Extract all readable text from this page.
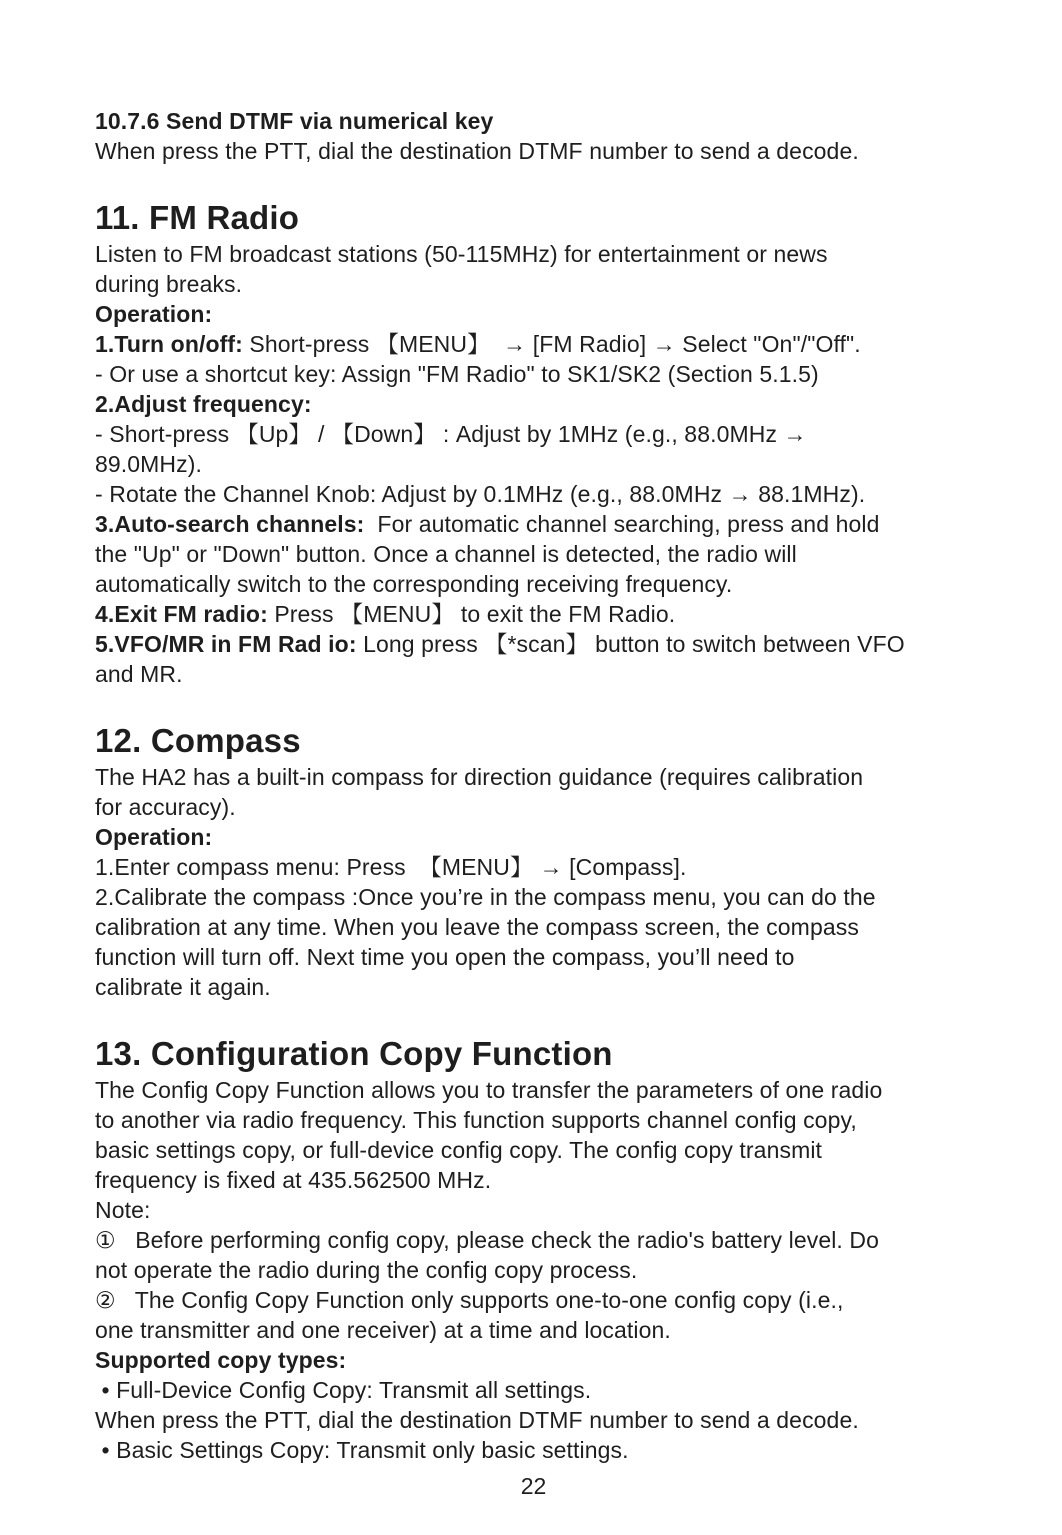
10.7.6 Send DTMF via numerical key
When press the PTT, dial the destination DTMF number to send a decode.
11. FM Radio
Listen to FM broadcast stations (50-115MHz) for entertainment or news
during breaks.
Operation:
1.Turn on/off: Short-press 【MENU】  → [FM Radio] → Select "On"/"Off".
- Or use a shortcut key: Assign "FM Radio" to SK1/SK2 (Section 5.1.5)
2.Adjust frequency:
- Short-press 【Up】 / 【Down】 : Adjust by 1MHz (e.g., 88.0MHz →
89.0MHz).
- Rotate the Channel Knob: Adjust by 0.1MHz (e.g., 88.0MHz → 88.1MHz).
3.Auto-search channels:  For automatic channel searching, press and hold
the "Up" or "Down" button. Once a channel is detected, the radio will
automatically switch to the corresponding receiving frequency.
4.Exit FM radio: Press 【MENU】 to exit the FM Radio.
5.VFO/MR in FM Rad io: Long press 【*scan】 button to switch between VFO
and MR.
12. Compass
The HA2 has a built-in compass for direction guidance (requires calibration
for accuracy).
Operation:
1.Enter compass menu: Press  【MENU】 → [Compass].
2.Calibrate the compass :Once you’re in the compass menu, you can do the
calibration at any time. When you leave the compass screen, the compass
function will turn off. Next time you open the compass, you’ll need to
calibrate it again.
13. Configuration Copy Function
The Config Copy Function allows you to transfer the parameters of one radio
to another via radio frequency. This function supports channel config copy,
basic settings copy, or full-device config copy. The config copy transmit
frequency is fixed at 435.562500 MHz.
Note:
①   Before performing config copy, please check the radio's battery level. Do
not operate the radio during the config copy process.
②   The Config Copy Function only supports one-to-one config copy (i.e.,
one transmitter and one receiver) at a time and location.
Supported copy types:
• Full-Device Config Copy: Transmit all settings.
When press the PTT, dial the destination DTMF number to send a decode.
• Basic Settings Copy: Transmit only basic settings.
22
